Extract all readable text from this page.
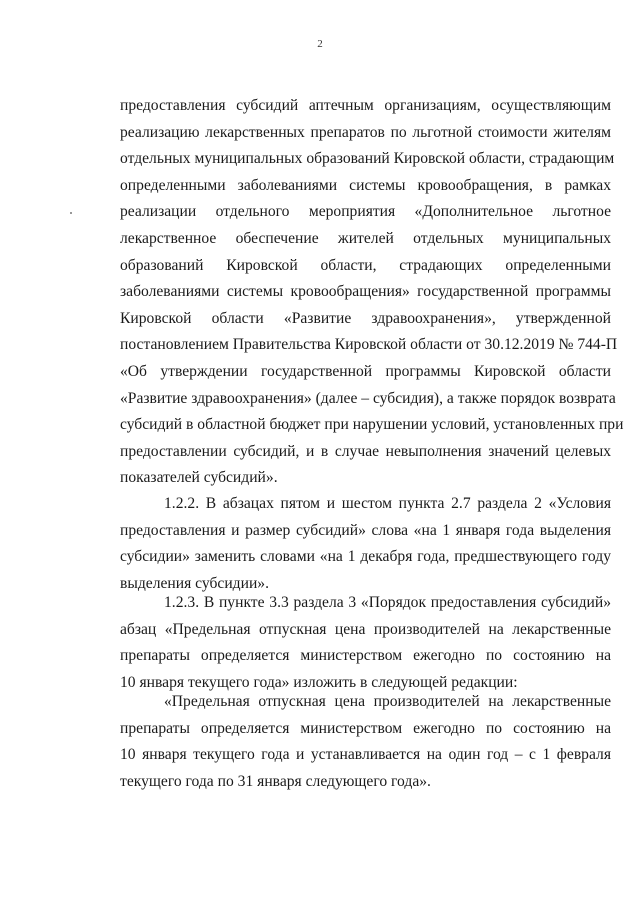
2
предоставления субсидий аптечным организациям, осуществляющим
реализацию лекарственных препаратов по льготной стоимости жителям
отдельных муниципальных образований Кировской области, страдающим
определенными заболеваниями системы кровообращения, в рамках
реализации отдельного мероприятия «Дополнительное льготное
лекарственное обеспечение жителей отдельных муниципальных
образований Кировской области, страдающих определенными
заболеваниями системы кровообращения» государственной программы
Кировской области «Развитие здравоохранения», утвержденной
постановлением Правительства Кировской области от 30.12.2019 № 744-П
«Об утверждении государственной программы Кировской области
«Развитие здравоохранения» (далее – субсидия), а также порядок возврата
субсидий в областной бюджет при нарушении условий, установленных при
предоставлении субсидий, и в случае невыполнения значений целевых
показателей субсидий».
1.2.2. В абзацах пятом и шестом пункта 2.7 раздела 2 «Условия
предоставления и размер субсидий» слова «на 1 января года выделения
субсидии» заменить словами «на 1 декабря года, предшествующего году
выделения субсидии».
1.2.3. В пункте 3.3 раздела 3 «Порядок предоставления субсидий»
абзац «Предельная отпускная цена производителей на лекарственные
препараты определяется министерством ежегодно по состоянию на
10 января текущего года» изложить в следующей редакции:
«Предельная отпускная цена производителей на лекарственные
препараты определяется министерством ежегодно по состоянию на
10 января текущего года и устанавливается на один год – с 1 февраля
текущего года по 31 января следующего года».
